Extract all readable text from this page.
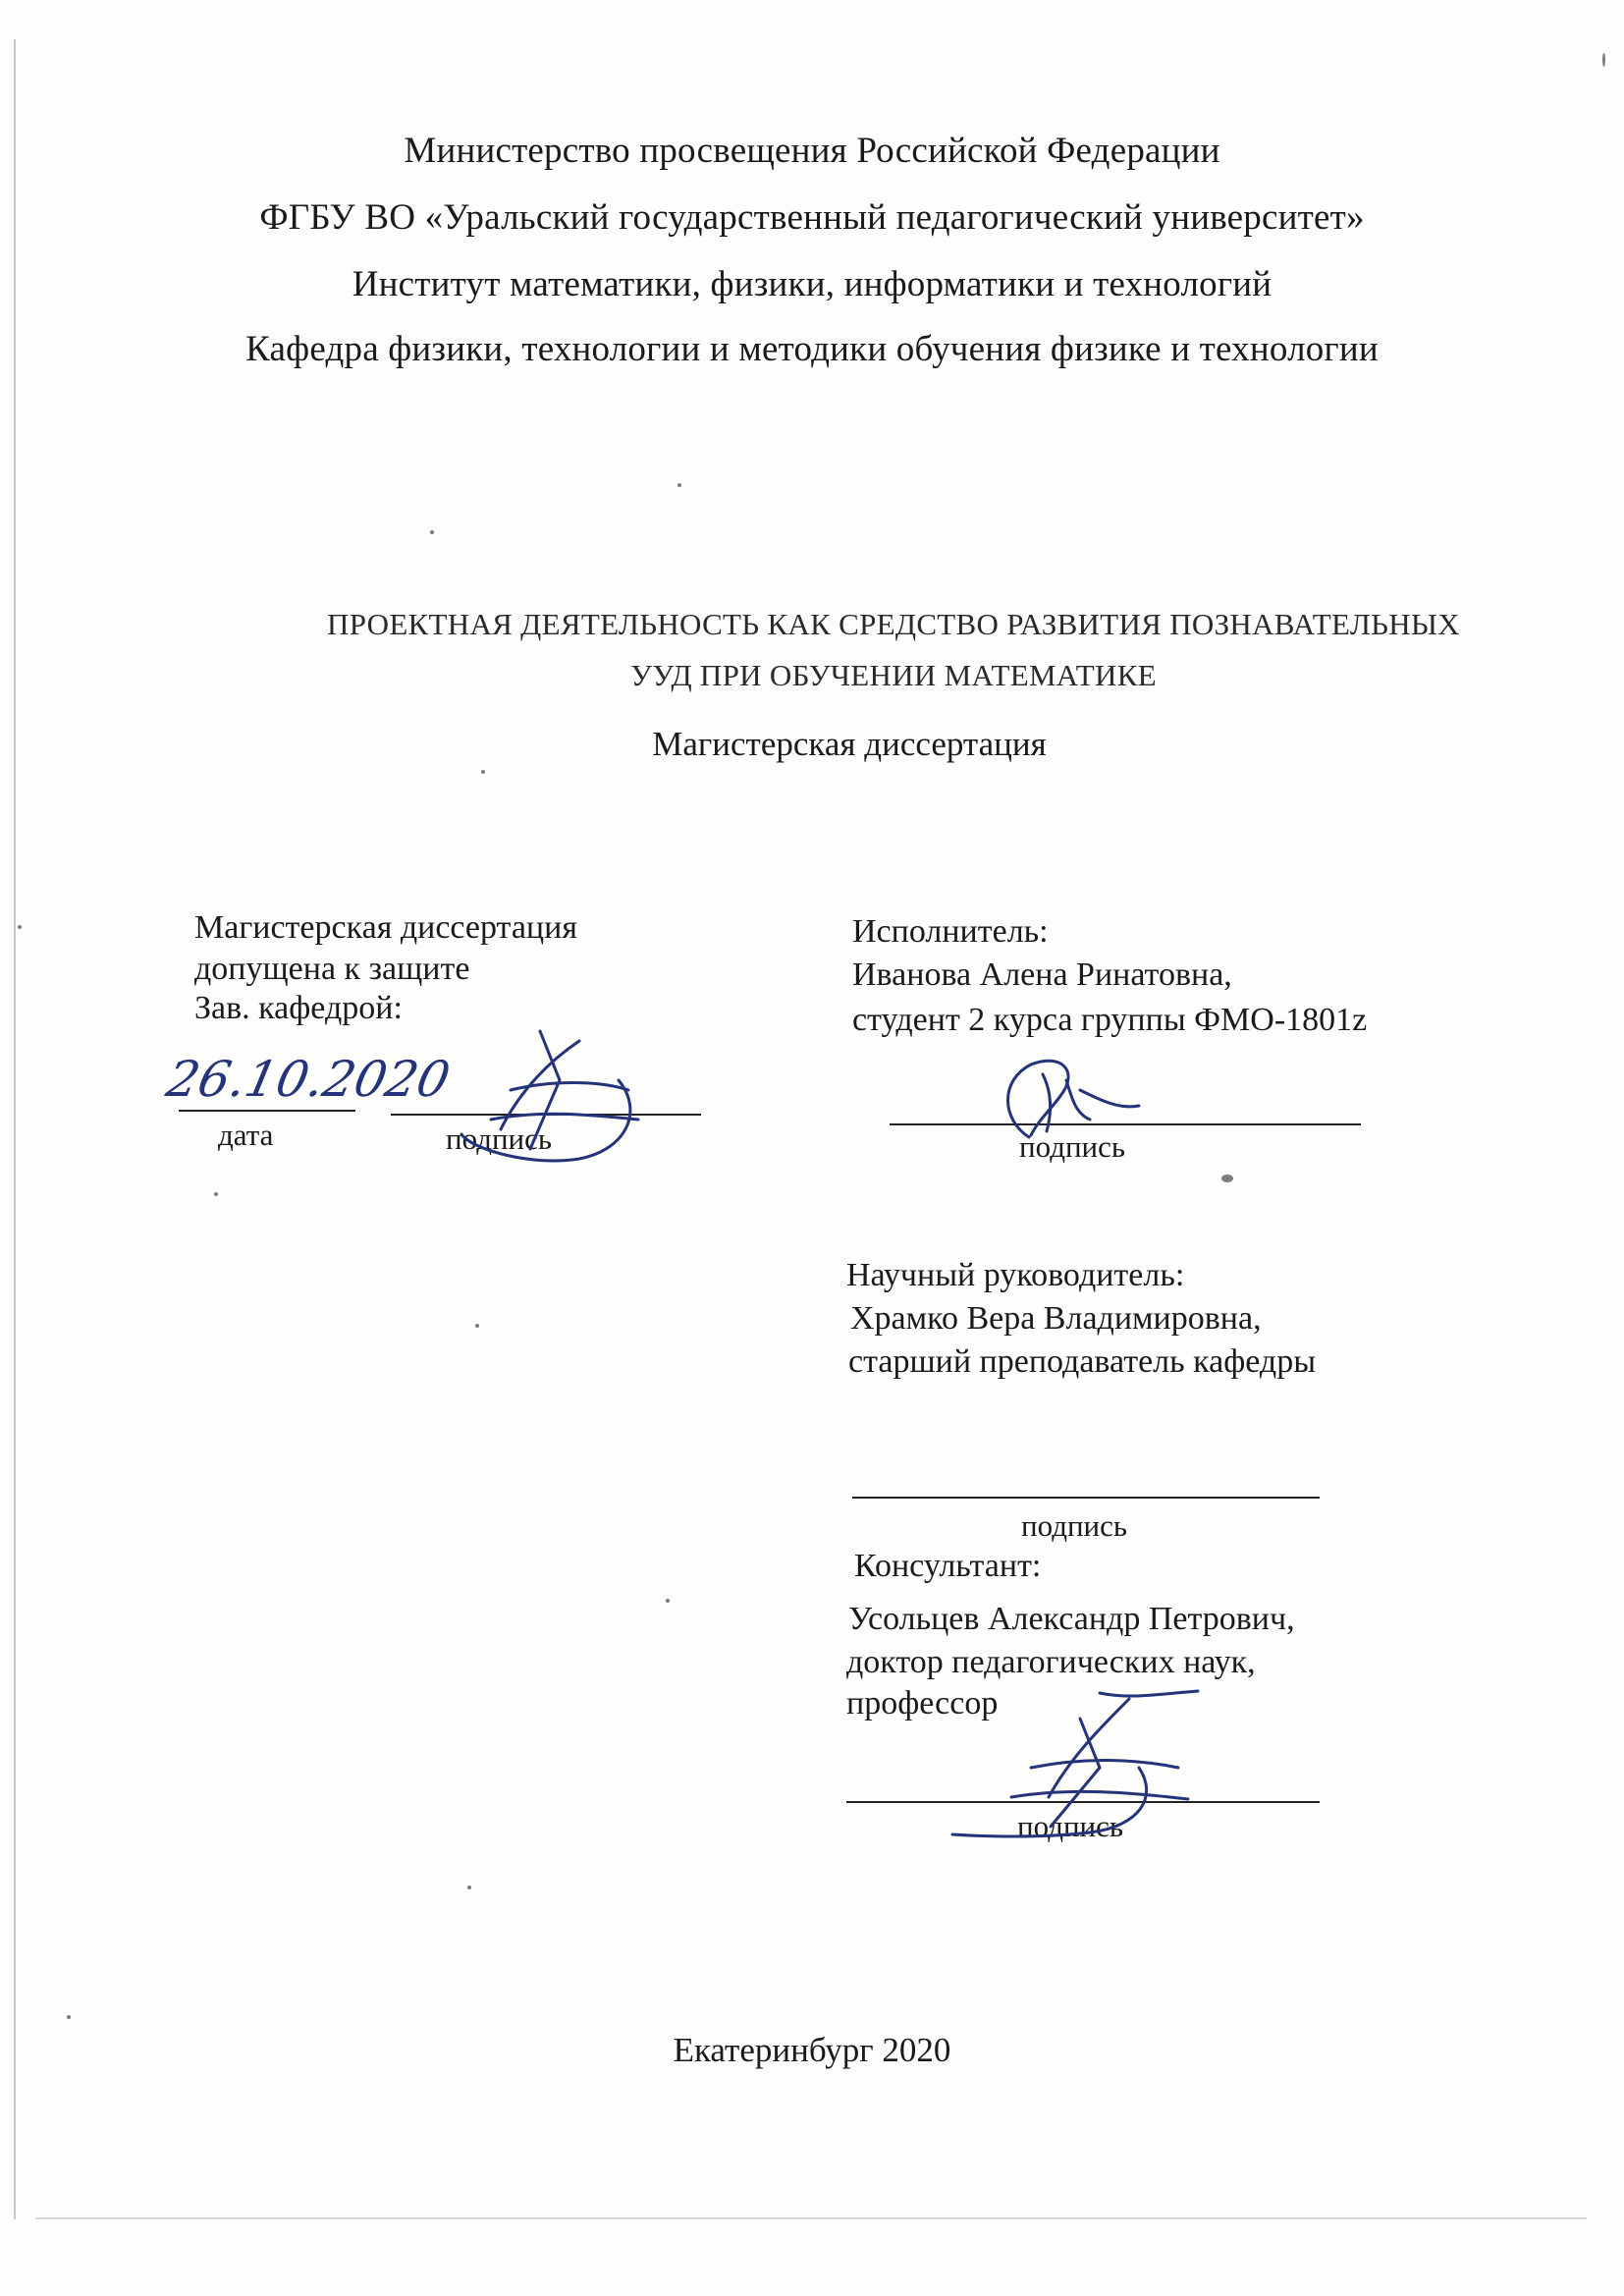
Министерство просвещения Российской Федерации
ФГБУ ВО «Уральский государственный педагогический университет»
Институт математики, физики, информатики и технологий
Кафедра физики, технологии и методики обучения физике и технологии
ПРОЕКТНАЯ ДЕЯТЕЛЬНОСТЬ КАК СРЕДСТВО РАЗВИТИЯ ПОЗНАВАТЕЛЬНЫХ
УУД ПРИ ОБУЧЕНИИ МАТЕМАТИКЕ
Магистерская диссертация
Магистерская диссертация
допущена к защите
Зав. кафедрой:
дата	подпись
26.10.2020
Исполнитель:
Иванова Алена Ринатовна,
студент 2 курса группы ФМО-1801z
подпись
Научный руководитель:
Храмко Вера Владимировна,
старший преподаватель кафедры
подпись
Консультант:
Усольцев Александр Петрович,
доктор педагогических наук,
профессор
подпись
Екатеринбург 2020
